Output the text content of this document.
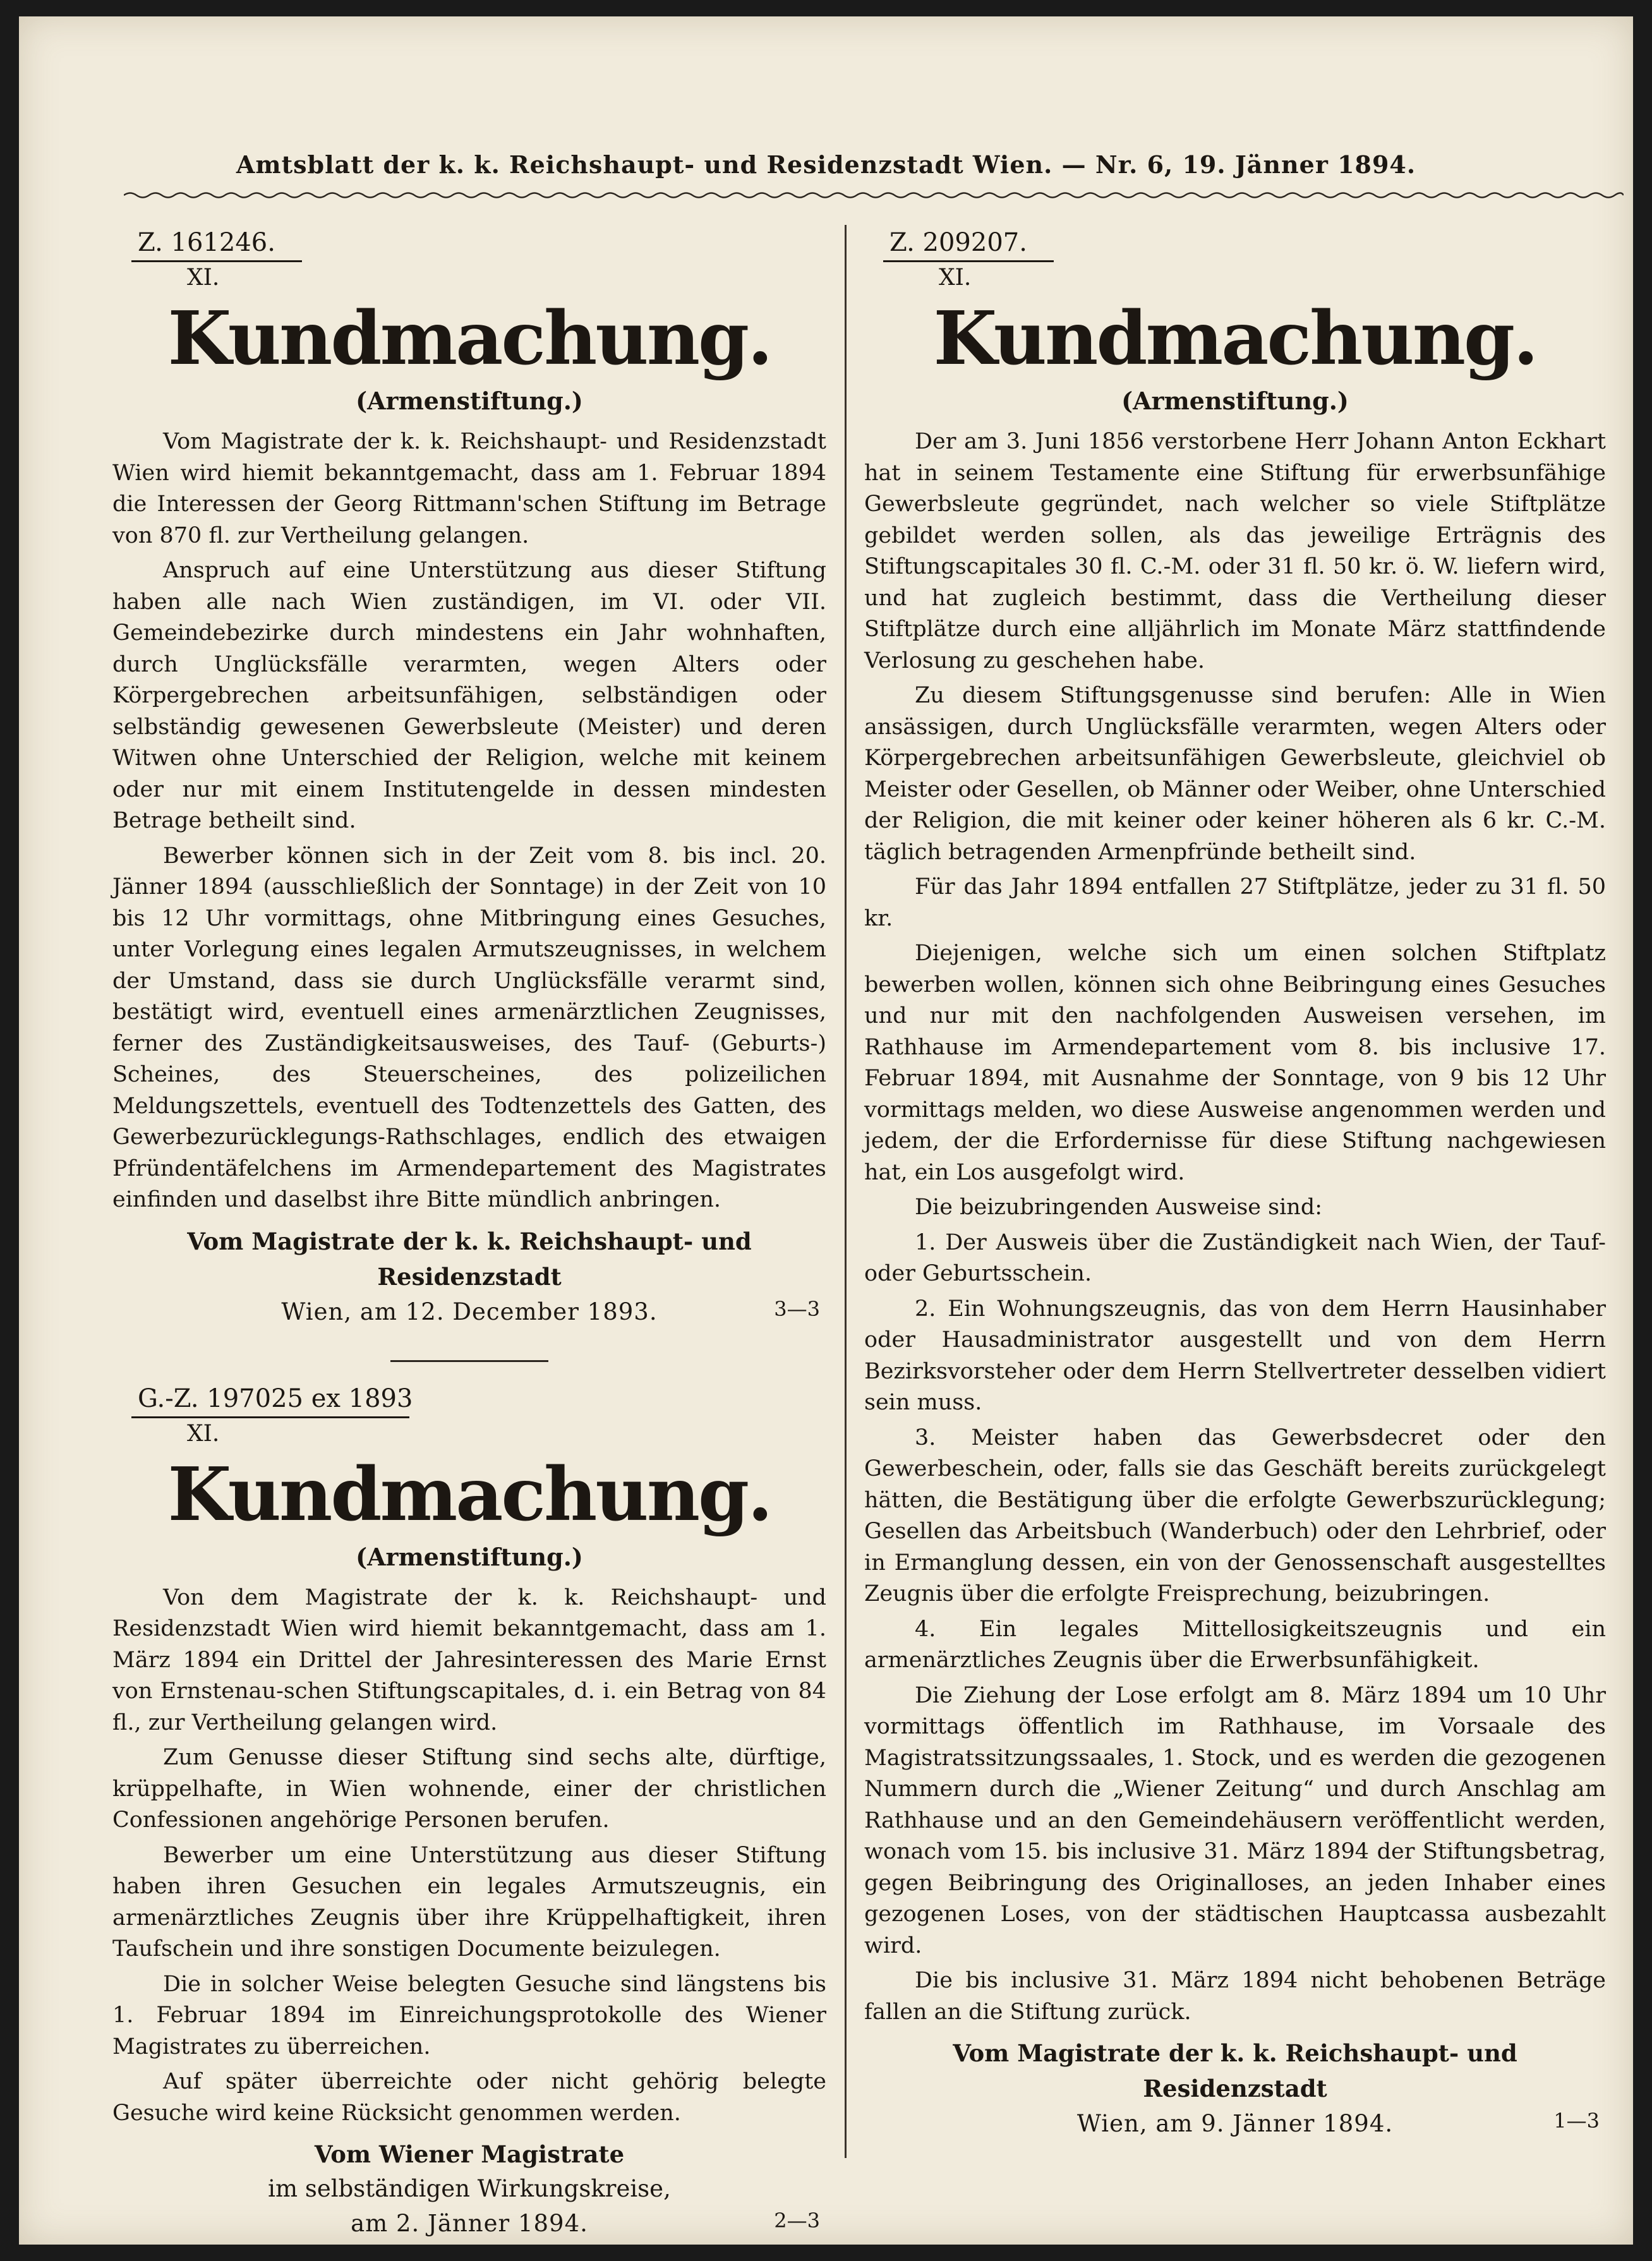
Amtsblatt der k. k. Reichshaupt- und Residenzstadt Wien. — Nr. 6, 19. Jänner 1894.
Z. 161246.
XI.
Kundmachung.
(Armenstiftung.)

Vom Magistrate der k. k. Reichshaupt- und Residenzstadt Wien wird hiemit bekanntgemacht, dass am 1. Februar 1894 die Interessen der Georg Rittmann'schen Stiftung im Betrage von 870 fl. zur Vertheilung gelangen.

Anspruch auf eine Unterstützung aus dieser Stiftung haben alle nach Wien zuständigen, im VI. oder VII. Gemeindebezirke durch mindestens ein Jahr wohnhaften, durch Unglücksfälle verarmten, wegen Alters oder Körpergebrechen arbeitsunfähigen, selbständigen oder selbständig gewesenen Gewerbsleute (Meister) und deren Witwen ohne Unterschied der Religion, welche mit keinem oder nur mit einem Institutengelde in dessen mindesten Betrage betheilt sind.

Bewerber können sich in der Zeit vom 8. bis incl. 20. Jänner 1894 (ausschließlich der Sonntage) in der Zeit von 10 bis 12 Uhr vormittags, ohne Mitbringung eines Gesuches, unter Vorlegung eines legalen Armutszeugnisses, in welchem der Umstand, dass sie durch Unglücksfälle verarmt sind, bestätigt wird, eventuell eines armenärztlichen Zeugnisses, ferner des Zuständigkeitsausweises, des Tauf- (Geburts-) Scheines, des Steuerscheines, des polizeilichen Meldungszettels, eventuell des Todtenzettels des Gatten, des Gewerbezurücklegungs-Rathschlages, endlich des etwaigen Pfründentäfelchens im Armendepartement des Magistrates einfinden und daselbst ihre Bitte mündlich anbringen.

Vom Magistrate der k. k. Reichshaupt- und Residenzstadt
Wien, am 12. December 1893.	3—3
G.-Z. 197025 ex 1893
XI.
Kundmachung.
(Armenstiftung.)

Von dem Magistrate der k. k. Reichshaupt- und Residenzstadt Wien wird hiemit bekanntgemacht, dass am 1. März 1894 ein Drittel der Jahresinteressen des Marie Ernst von Ernstenau-schen Stiftungscapitales, d. i. ein Betrag von 84 fl., zur Vertheilung gelangen wird.

Zum Genusse dieser Stiftung sind sechs alte, dürftige, krüppelhafte, in Wien wohnende, einer der christlichen Confessionen angehörige Personen berufen.

Bewerber um eine Unterstützung aus dieser Stiftung haben ihren Gesuchen ein legales Armutszeugnis, ein armenärztliches Zeugnis über ihre Krüppelhaftigkeit, ihren Taufschein und ihre sonstigen Documente beizulegen.

Die in solcher Weise belegten Gesuche sind längstens bis 1. Februar 1894 im Einreichungsprotokolle des Wiener Magistrates zu überreichen.

Auf später überreichte oder nicht gehörig belegte Gesuche wird keine Rücksicht genommen werden.

Vom Wiener Magistrate
im selbständigen Wirkungskreise,
am 2. Jänner 1894.	2—3
Z. 209207.
XI.
Kundmachung.
(Armenstiftung.)

Der am 3. Juni 1856 verstorbene Herr Johann Anton Eckhart hat in seinem Testamente eine Stiftung für erwerbsunfähige Gewerbsleute gegründet, nach welcher so viele Stiftplätze gebildet werden sollen, als das jeweilige Erträgnis des Stiftungscapitales 30 fl. C.-M. oder 31 fl. 50 kr. ö. W. liefern wird, und hat zugleich bestimmt, dass die Vertheilung dieser Stiftplätze durch eine alljährlich im Monate März stattfindende Verlosung zu geschehen habe.

Zu diesem Stiftungsgenusse sind berufen: Alle in Wien ansässigen, durch Unglücksfälle verarmten, wegen Alters oder Körpergebrechen arbeitsunfähigen Gewerbsleute, gleichviel ob Meister oder Gesellen, ob Männer oder Weiber, ohne Unterschied der Religion, die mit keiner oder keiner höheren als 6 kr. C.-M. täglich betragenden Armenpfründe betheilt sind.

Für das Jahr 1894 entfallen 27 Stiftplätze, jeder zu 31 fl. 50 kr.

Diejenigen, welche sich um einen solchen Stiftplatz bewerben wollen, können sich ohne Beibringung eines Gesuches und nur mit den nachfolgenden Ausweisen versehen, im Rathhause im Armendepartement vom 8. bis inclusive 17. Februar 1894, mit Ausnahme der Sonntage, von 9 bis 12 Uhr vormittags melden, wo diese Ausweise angenommen werden und jedem, der die Erfordernisse für diese Stiftung nachgewiesen hat, ein Los ausgefolgt wird.

Die beizubringenden Ausweise sind:

1. Der Ausweis über die Zuständigkeit nach Wien, der Tauf- oder Geburtsschein.

2. Ein Wohnungszeugnis, das von dem Herrn Hausinhaber oder Hausadministrator ausgestellt und von dem Herrn Bezirksvorsteher oder dem Herrn Stellvertreter desselben vidiert sein muss.

3. Meister haben das Gewerbsdecret oder den Gewerbeschein, oder, falls sie das Geschäft bereits zurückgelegt hätten, die Bestätigung über die erfolgte Gewerbszurücklegung; Gesellen das Arbeitsbuch (Wanderbuch) oder den Lehrbrief, oder in Ermanglung dessen, ein von der Genossenschaft ausgestelltes Zeugnis über die erfolgte Freisprechung, beizubringen.

4. Ein legales Mittellosigkeitszeugnis und ein armenärztliches Zeugnis über die Erwerbsunfähigkeit.

Die Ziehung der Lose erfolgt am 8. März 1894 um 10 Uhr vormittags öffentlich im Rathhause, im Vorsaale des Magistratssitzungssaales, 1. Stock, und es werden die gezogenen Nummern durch die „Wiener Zeitung“ und durch Anschlag am Rathhause und an den Gemeindehäusern veröffentlicht werden, wonach vom 15. bis inclusive 31. März 1894 der Stiftungsbetrag, gegen Beibringung des Originalloses, an jeden Inhaber eines gezogenen Loses, von der städtischen Hauptcassa ausbezahlt wird.

Die bis inclusive 31. März 1894 nicht behobenen Beträge fallen an die Stiftung zurück.

Vom Magistrate der k. k. Reichshaupt- und Residenzstadt
Wien, am 9. Jänner 1894.	1—3
